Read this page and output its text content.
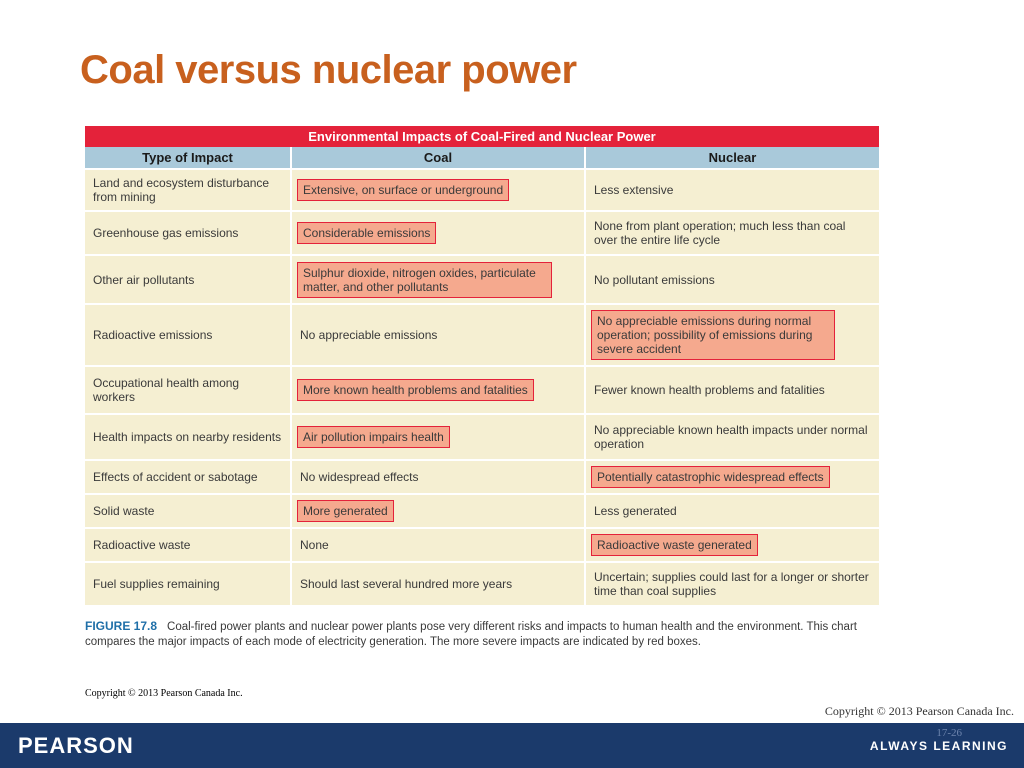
Coal versus nuclear power
Environmental Impacts of Coal-Fired and Nuclear Power
Type of Impact	Coal	Nuclear
Land and ecosystem disturbance from mining	Extensive, on surface or underground	Less extensive
Greenhouse gas emissions	Considerable emissions	None from plant operation; much less than coal over the entire life cycle
Other air pollutants	Sulphur dioxide, nitrogen oxides, particulate matter, and other pollutants	No pollutant emissions
Radioactive emissions	No appreciable emissions	No appreciable emissions during normal operation; possibility of emissions during severe accident
Occupational health among workers	More known health problems and fatalities	Fewer known health problems and fatalities
Health impacts on nearby residents	Air pollution impairs health	No appreciable known health impacts under normal operation
Effects of accident or sabotage	No widespread effects	Potentially catastrophic widespread effects
Solid waste	More generated	Less generated
Radioactive waste	None	Radioactive waste generated
Fuel supplies remaining	Should last several hundred more years	Uncertain; supplies could last for a longer or shorter time than coal supplies
FIGURE 17.8 Coal-fired power plants and nuclear power plants pose very different risks and impacts to human health and the environment. This chart compares the major impacts of each mode of electricity generation. The more severe impacts are indicated by red boxes.
Copyright © 2013 Pearson Canada Inc.
Copyright © 2013 Pearson Canada Inc.
PEARSON	17-26
ALWAYS LEARNING
